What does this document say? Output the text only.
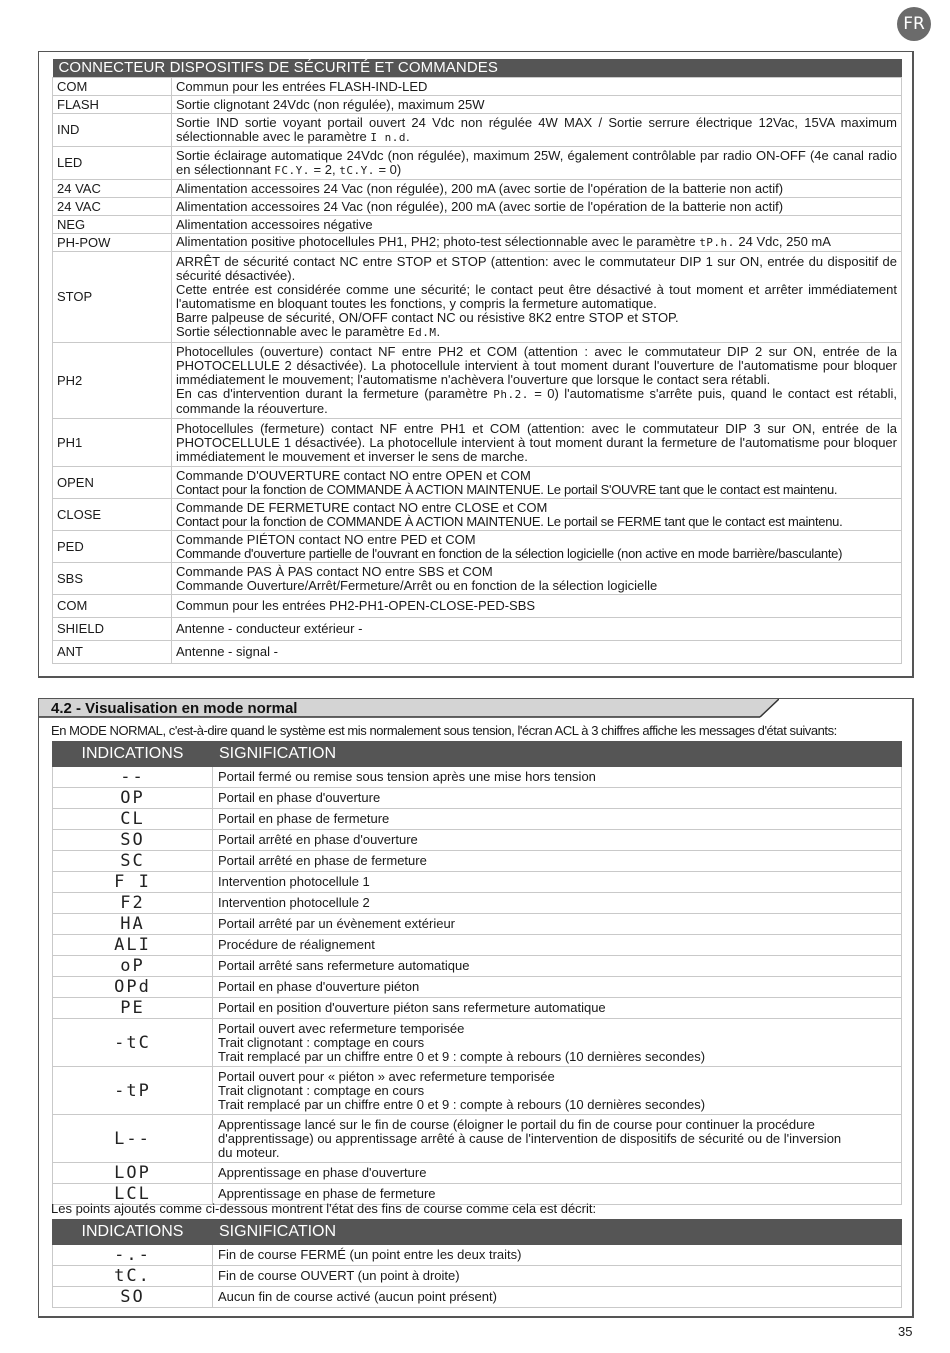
FR
CONNECTEUR DISPOSITIFS DE SÉCURITÉ ET COMMANDES	
COM	Commun pour les entrées FLASH-IND-LED
FLASH	Sortie clignotant 24Vdc (non régulée), maximum 25W
IND	Sortie IND sortie voyant portail ouvert 24 Vdc non régulée 4W MAX / Sortie serrure électrique 12Vac, 15VA maximum sélectionnable avec le paramètre I n.d.
LED	Sortie éclairage automatique 24Vdc (non régulée), maximum 25W, également contrôlable par radio ON-OFF (4e canal radio en sélectionnant FC.Y. = 2, tC.Y. = 0)
24 VAC	Alimentation accessoires 24 Vac (non régulée), 200 mA (avec sortie de l'opération de la batterie non actif)
24 VAC	Alimentation accessoires 24 Vac (non régulée), 200 mA (avec sortie de l'opération de la batterie non actif)
NEG	Alimentation accessoires négative
PH-POW	Alimentation positive photocellules PH1, PH2; photo-test sélectionnable avec le paramètre tP.h. 24 Vdc, 250 mA
STOP	ARRÊT de sécurité contact NC entre STOP et STOP (attention: avec le commutateur DIP 1 sur ON, entrée du dispositif de sécurité désactivée).
Cette entrée est considérée comme une sécurité; le contact peut être désactivé à tout moment et arrêter immédiatement l'automatisme en bloquant toutes les fonctions, y compris la fermeture automatique.
Barre palpeuse de sécurité, ON/OFF contact NC ou résistive 8K2 entre STOP et STOP.
Sortie sélectionnable avec le paramètre Ed.M.

PH2	Photocellules (ouverture) contact NF entre PH2 et COM (attention : avec le commutateur DIP 2 sur ON, entrée de la PHOTOCELLULE 2 désactivée). La photocellule intervient à tout moment durant l'ouverture de l'automatisme pour bloquer immédiatement le mouvement; l'automatisme n'achèvera l'ouverture que lorsque le contact sera rétabli.
En cas d'intervention durant la fermeture (paramètre Ph.2. = 0) l'automatisme s'arrête puis, quand le contact est rétabli, commande la réouverture.

PH1	Photocellules (fermeture) contact NF entre PH1 et COM (attention: avec le commutateur DIP 3 sur ON, entrée de la PHOTOCELLULE 1 désactivée). La photocellule intervient à tout moment durant la fermeture de l'automatisme pour bloquer immédiatement le mouvement et inverser le sens de marche.
OPEN	Commande D'OUVERTURE contact NO entre OPEN et COM
Contact pour la fonction de COMMANDE À ACTION MAINTENUE. Le portail S'OUVRE tant que le contact est maintenu.

CLOSE	Commande DE FERMETURE contact NO entre CLOSE et COM
Contact pour la fonction de COMMANDE À ACTION MAINTENUE. Le portail se FERME tant que le contact est maintenu.

PED	Commande PIÉTON contact NO entre PED et COM
Commande d'ouverture partielle de l'ouvrant en fonction de la sélection logicielle (non active en mode barrière/basculante)

SBS	Commande PAS À PAS contact NO entre SBS et COM
Commande Ouverture/Arrêt/Fermeture/Arrêt ou en fonction de la sélection logicielle

COM	Commun pour les entrées PH2-PH1-OPEN-CLOSE-PED-SBS
SHIELD	Antenne - conducteur extérieur -
ANT	Antenne - signal -
4.2 - Visualisation en mode normal
En MODE NORMAL, c'est-à-dire quand le système est mis normalement sous tension, l'écran ACL à 3 chiffres affiche les messages d'état suivants:
INDICATIONS	SIGNIFICATION
--	Portail fermé ou remise sous tension après une mise hors tension
OP	Portail en phase d'ouverture
CL	Portail en phase de fermeture
SO	Portail arrêté en phase d'ouverture
SC	Portail arrêté en phase de fermeture
F I	Intervention photocellule 1
F2	Intervention photocellule 2
HA	Portail arrêté par un évènement extérieur
ALI	Procédure de réalignement
oP	Portail arrêté sans refermeture automatique
OPd	Portail en phase d'ouverture piéton
PE	Portail en position d'ouverture piéton sans refermeture automatique
-tC	Portail ouvert avec refermeture temporisée
Trait clignotant : comptage en cours
Trait remplacé par un chiffre entre 0 et 9 : compte à rebours (10 dernières secondes)
-tP	Portail ouvert pour « piéton » avec refermeture temporisée
Trait clignotant : comptage en cours
Trait remplacé par un chiffre entre 0 et 9 : compte à rebours (10 dernières secondes)
L--	Apprentissage lancé sur le fin de course (éloigner le portail du fin de course pour continuer la procédure
d'apprentissage) ou apprentissage arrêté à cause de l'intervention de dispositifs de sécurité ou de l'inversion
du moteur.
LOP	Apprentissage en phase d'ouverture
LCL	Apprentissage en phase de fermeture
Les points ajoutés comme ci-dessous montrent l'état des fins de course comme cela est décrit:
INDICATIONS	SIGNIFICATION
-.-	Fin de course FERMÉ (un point entre les deux traits)
tC.	Fin de course OUVERT (un point à droite)
SO	Aucun fin de course activé (aucun point présent)
35
